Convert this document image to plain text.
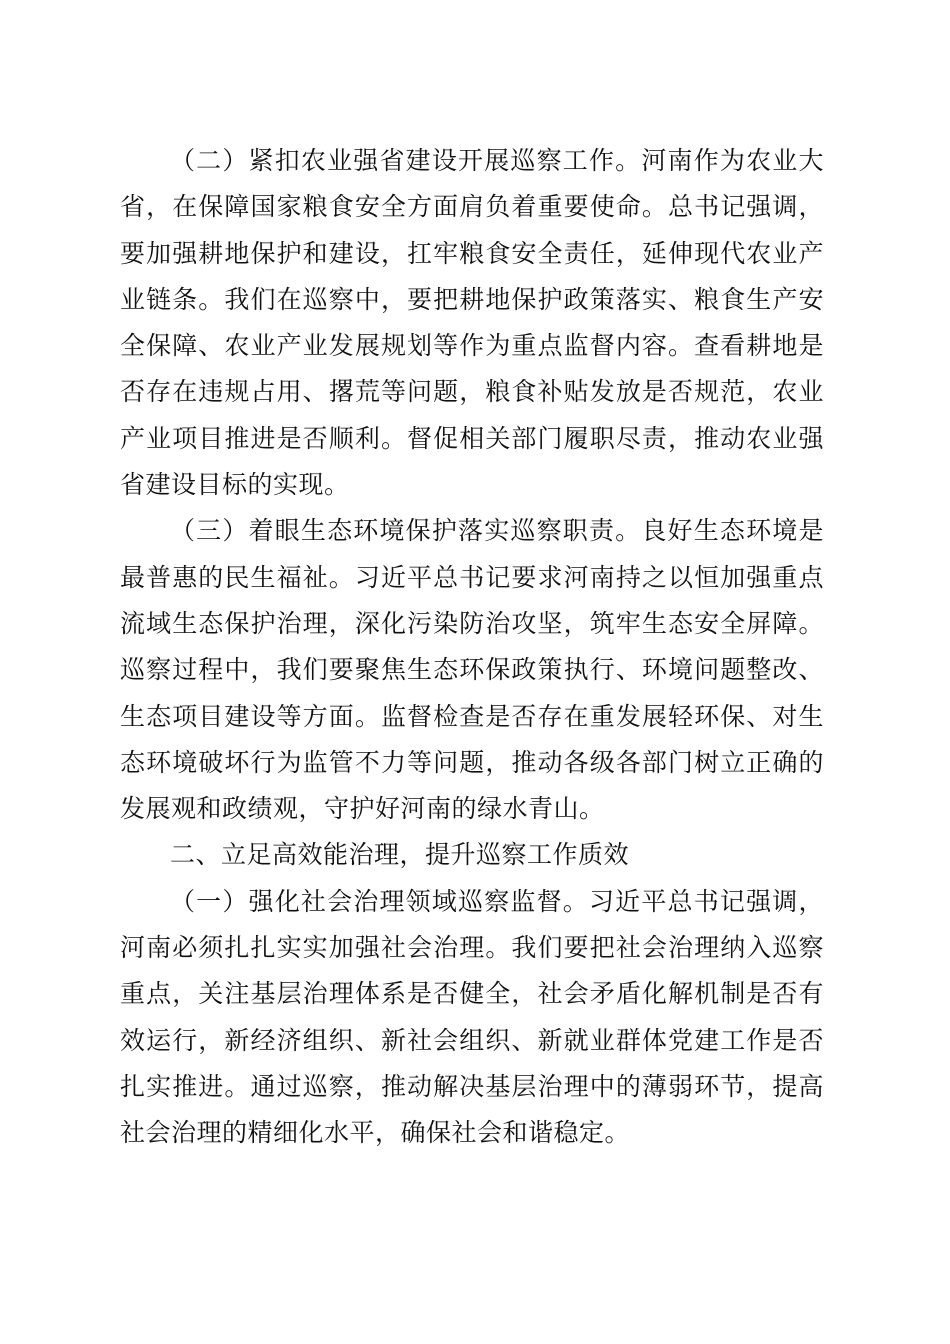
（二）紧扣农业强省建设开展巡察工作。河南作为农业大省，在保障国家粮食安全方面肩负着重要使命。总书记强调，要加强耕地保护和建设，扛牢粮食安全责任，延伸现代农业产业链条。我们在巡察中，要把耕地保护政策落实、粮食生产安全保障、农业产业发展规划等作为重点监督内容。查看耕地是否存在违规占用、撂荒等问题，粮食补贴发放是否规范，农业产业项目推进是否顺利。督促相关部门履职尽责，推动农业强省建设目标的实现。

（三）着眼生态环境保护落实巡察职责。良好生态环境是最普惠的民生福祉。习近平总书记要求河南持之以恒加强重点流域生态保护治理，深化污染防治攻坚，筑牢生态安全屏障。巡察过程中，我们要聚焦生态环保政策执行、环境问题整改、生态项目建设等方面。监督检查是否存在重发展轻环保、对生态环境破坏行为监管不力等问题，推动各级各部门树立正确的发展观和政绩观，守护好河南的绿水青山。

二、立足高效能治理，提升巡察工作质效

（一）强化社会治理领域巡察监督。习近平总书记强调，河南必须扎扎实实加强社会治理。我们要把社会治理纳入巡察重点，关注基层治理体系是否健全，社会矛盾化解机制是否有效运行，新经济组织、新社会组织、新就业群体党建工作是否扎实推进。通过巡察，推动解决基层治理中的薄弱环节，提高社会治理的精细化水平，确保社会和谐稳定。
